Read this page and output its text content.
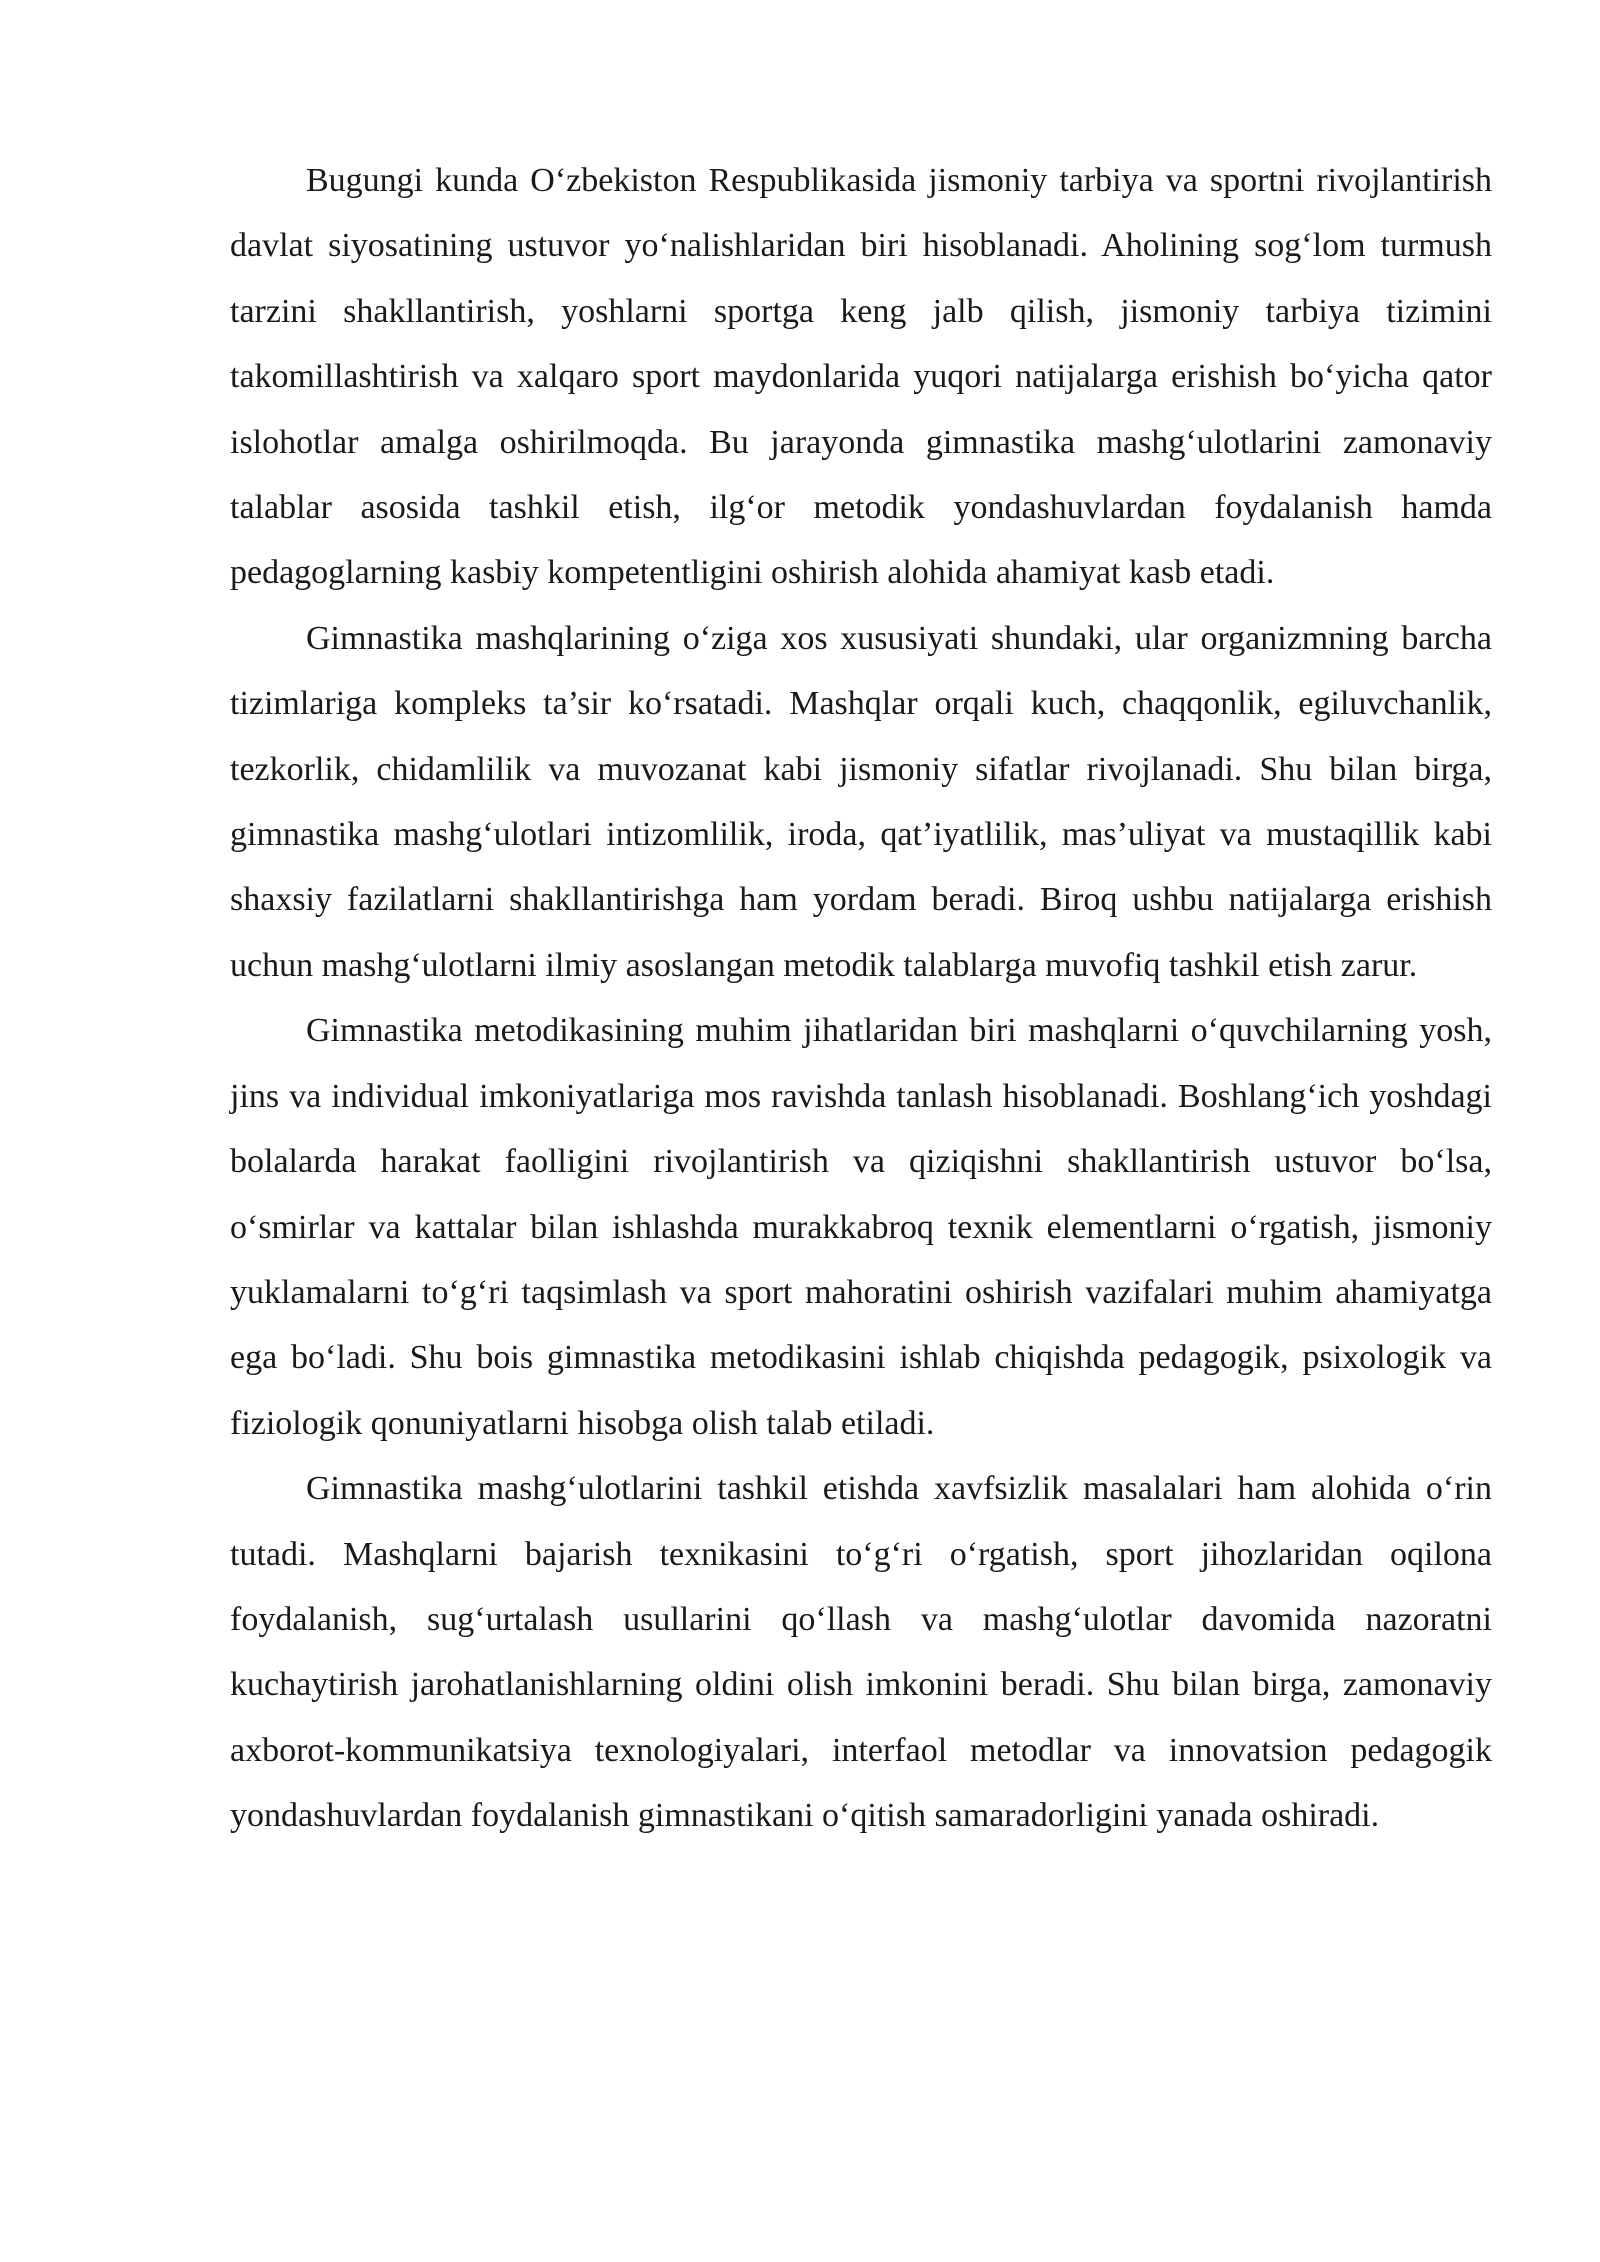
Bugungi kunda O‘zbekiston Respublikasida jismoniy tarbiya va sportni rivojlantirish davlat siyosatining ustuvor yo‘nalishlaridan biri hisoblanadi. Aholining sog‘lom turmush tarzini shakllantirish, yoshlarni sportga keng jalb qilish, jismoniy tarbiya tizimini takomillashtirish va xalqaro sport maydonlarida yuqori natijalarga erishish bo‘yicha qator islohotlar amalga oshirilmoqda. Bu jarayonda gimnastika mashg‘ulotlarini zamonaviy talablar asosida tashkil etish, ilg‘or metodik yondashuvlardan foydalanish hamda pedagoglarning kasbiy kompetentligini oshirish alohida ahamiyat kasb etadi.

Gimnastika mashqlarining o‘ziga xos xususiyati shundaki, ular organizmning barcha tizimlariga kompleks ta’sir ko‘rsatadi. Mashqlar orqali kuch, chaqqonlik, egiluvchanlik, tezkorlik, chidamlilik va muvozanat kabi jismoniy sifatlar rivojlanadi. Shu bilan birga, gimnastika mashg‘ulotlari intizomlilik, iroda, qat’iyatlilik, mas’uliyat va mustaqillik kabi shaxsiy fazilatlarni shakllantirishga ham yordam beradi. Biroq ushbu natijalarga erishish uchun mashg‘ulotlarni ilmiy asoslangan metodik talablarga muvofiq tashkil etish zarur.

Gimnastika metodikasining muhim jihatlaridan biri mashqlarni o‘quvchilarning yosh, jins va individual imkoniyatlariga mos ravishda tanlash hisoblanadi. Boshlang‘ich yoshdagi bolalarda harakat faolligini rivojlantirish va qiziqishni shakllantirish ustuvor bo‘lsa, o‘smirlar va kattalar bilan ishlashda murakkabroq texnik elementlarni o‘rgatish, jismoniy yuklamalarni to‘g‘ri taqsimlash va sport mahoratini oshirish vazifalari muhim ahamiyatga ega bo‘ladi. Shu bois gimnastika metodikasini ishlab chiqishda pedagogik, psixologik va fiziologik qonuniyatlarni hisobga olish talab etiladi.

Gimnastika mashg‘ulotlarini tashkil etishda xavfsizlik masalalari ham alohida o‘rin tutadi. Mashqlarni bajarish texnikasini to‘g‘ri o‘rgatish, sport jihozlaridan oqilona foydalanish, sug‘urtalash usullarini qo‘llash va mashg‘ulotlar davomida nazoratni kuchaytirish jarohatlanishlarning oldini olish imkonini beradi. Shu bilan birga, zamonaviy axborot-kommunikatsiya texnologiyalari, interfaol metodlar va innovatsion pedagogik yondashuvlardan foydalanish gimnastikani o‘qitish samaradorligini yanada oshiradi.
